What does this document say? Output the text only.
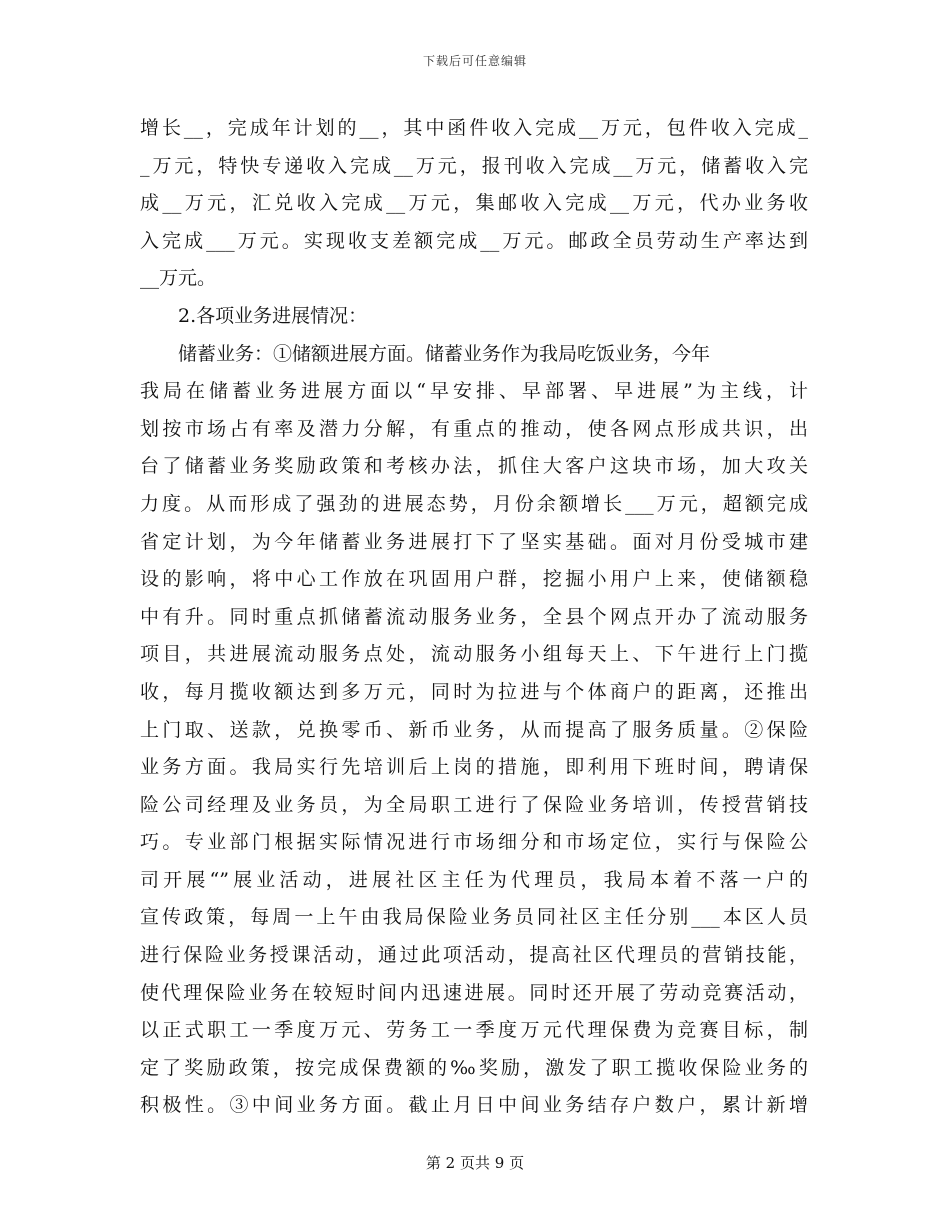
下载后可任意编辑
增长__，完成年计划的__，其中函件收入完成__万元，包件收入完成_
_万元，特快专递收入完成__万元，报刊收入完成__万元，储蓄收入完
成__万元，汇兑收入完成__万元，集邮收入完成__万元，代办业务收
入完成___万元。实现收支差额完成__万元。邮政全员劳动生产率达到
__万元。
2.各项业务进展情况：
储蓄业务：①储额进展方面。储蓄业务作为我局吃饭业务，今年
我局在储蓄业务进展方面以“早安排、早部署、早进展”为主线，计
划按市场占有率及潜力分解，有重点的推动，使各网点形成共识，出
台了储蓄业务奖励政策和考核办法，抓住大客户这块市场，加大攻关
力度。从而形成了强劲的进展态势，月份余额增长___万元，超额完成
省定计划，为今年储蓄业务进展打下了坚实基础。面对月份受城市建
设的影响，将中心工作放在巩固用户群，挖掘小用户上来，使储额稳
中有升。同时重点抓储蓄流动服务业务，全县个网点开办了流动服务
项目，共进展流动服务点处，流动服务小组每天上、下午进行上门揽
收，每月揽收额达到多万元，同时为拉进与个体商户的距离，还推出
上门取、送款，兑换零币、新币业务，从而提高了服务质量。②保险
业务方面。我局实行先培训后上岗的措施，即利用下班时间，聘请保
险公司经理及业务员，为全局职工进行了保险业务培训，传授营销技
巧。专业部门根据实际情况进行市场细分和市场定位，实行与保险公
司开展“”展业活动，进展社区主任为代理员，我局本着不落一户的
宣传政策，每周一上午由我局保险业务员同社区主任分别___本区人员
进行保险业务授课活动，通过此项活动，提高社区代理员的营销技能，
使代理保险业务在较短时间内迅速进展。同时还开展了劳动竞赛活动，
以正式职工一季度万元、劳务工一季度万元代理保费为竞赛目标，制
定了奖励政策，按完成保费额的‰奖励，激发了职工揽收保险业务的
积极性。③中间业务方面。截止月日中间业务结存户数户，累计新增
第 2 页共 9 页
